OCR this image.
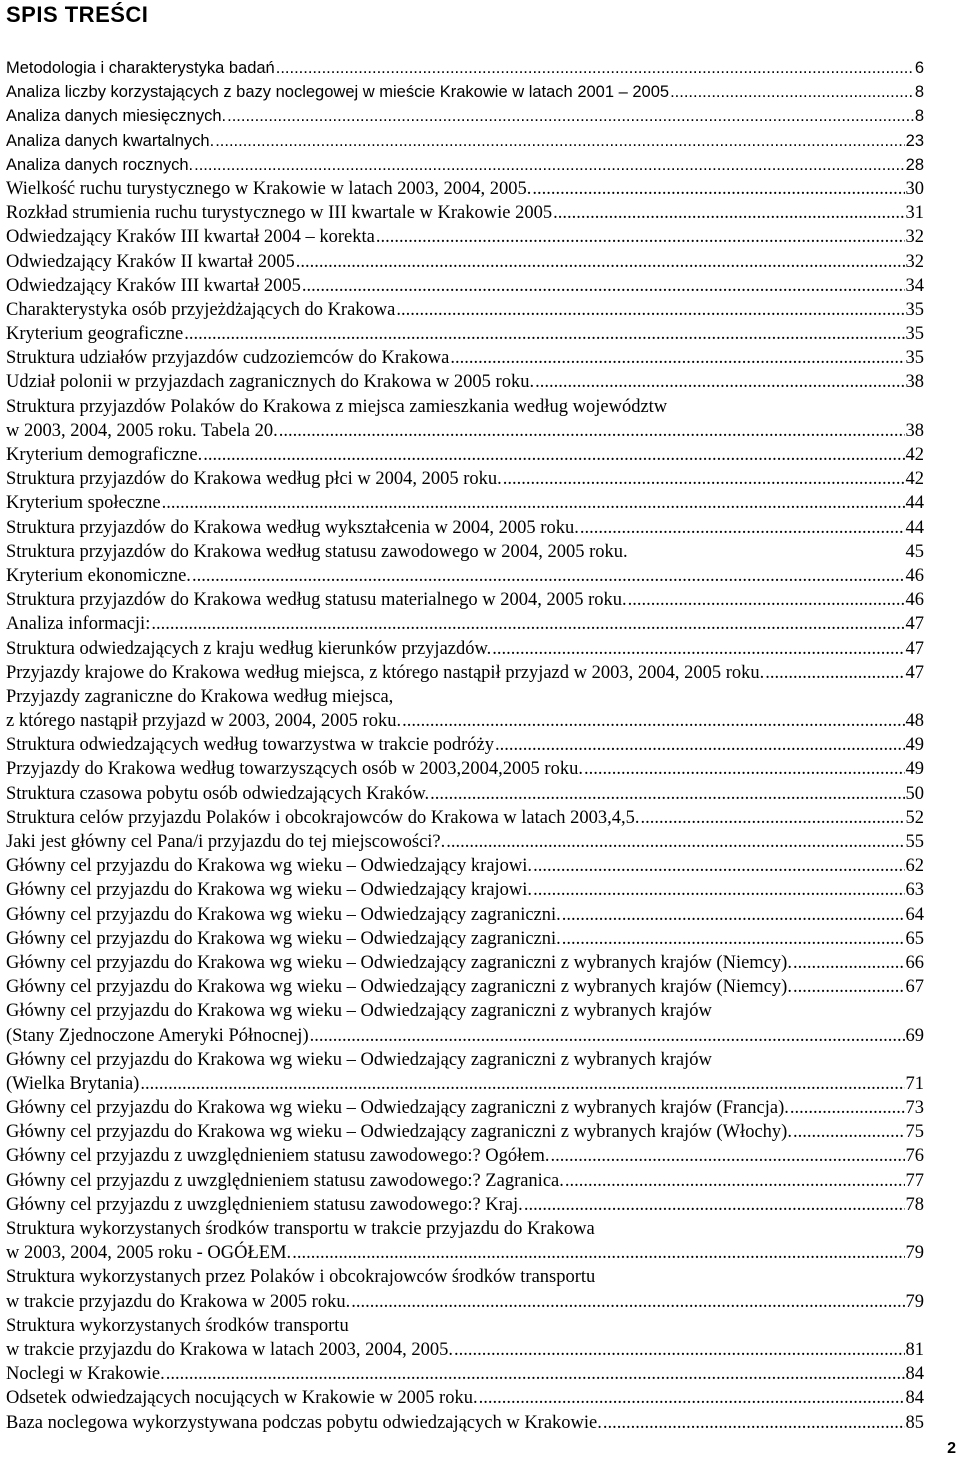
SPIS TREŚCI
Metodologia i charakterystyka badań .....	6
Analiza liczby korzystających z bazy noclegowej w mieście Krakowie w latach 2001 – 2005 .....	8
Analiza danych miesięcznych. .....	8
Analiza danych kwartalnych. .....	23
Analiza danych rocznych. .....	28
Wielkość ruchu turystycznego w Krakowie w latach 2003, 2004, 2005. .....	30
Rozkład strumienia ruchu turystycznego w III kwartale w Krakowie 2005 .....	31
Odwiedzający Kraków III kwartał 2004 – korekta .....	32
Odwiedzający Kraków II kwartał 2005 .....	32
Odwiedzający Kraków III kwartał 2005 .....	34
Charakterystyka osób przyjeżdżających do Krakowa .....	35
Kryterium geograficzne .....	35
Struktura udziałów przyjazdów cudzoziemców do Krakowa .....	35
Udział polonii w przyjazdach zagranicznych do Krakowa w 2005 roku. .....	38
Struktura przyjazdów Polaków do Krakowa z miejsca zamieszkania według województw
w 2003, 2004, 2005 roku. Tabela 20. .....	38
Kryterium demograficzne. .....	42
Struktura przyjazdów do Krakowa według płci w 2004, 2005 roku. .....	42
Kryterium społeczne .....	44
Struktura przyjazdów do Krakowa według wykształcenia w 2004, 2005 roku. .....	44
Struktura przyjazdów do Krakowa według statusu zawodowego w 2004, 2005 roku.	45
Kryterium ekonomiczne. .....	46
Struktura przyjazdów do Krakowa według statusu materialnego w 2004, 2005 roku. .....	46
Analiza informacji: .....	47
Struktura odwiedzających z kraju według kierunków przyjazdów. .....	47
Przyjazdy krajowe do Krakowa według miejsca, z którego nastąpił przyjazd w 2003, 2004, 2005 roku. .....	47
Przyjazdy zagraniczne do Krakowa według miejsca,
z którego nastąpił przyjazd w 2003, 2004, 2005 roku. .....	48
Struktura odwiedzających według towarzystwa w trakcie podróży .....	49
Przyjazdy do Krakowa według towarzyszących osób w 2003,2004,2005 roku. .....	49
Struktura czasowa pobytu osób odwiedzających Kraków. .....	50
Struktura celów przyjazdu Polaków i obcokrajowców do Krakowa w latach 2003,4,5. .....	52
Jaki jest główny cel Pana/i przyjazdu do tej miejscowości?. .....	55
Główny cel przyjazdu do Krakowa wg wieku – Odwiedzający krajowi. .....	62
Główny cel przyjazdu do Krakowa wg wieku – Odwiedzający krajowi. .....	63
Główny cel przyjazdu do Krakowa wg wieku – Odwiedzający zagraniczni. .....	64
Główny cel przyjazdu do Krakowa wg wieku – Odwiedzający zagraniczni. .....	65
Główny cel przyjazdu do Krakowa wg wieku – Odwiedzający zagraniczni z wybranych krajów (Niemcy). .....	66
Główny cel przyjazdu do Krakowa wg wieku – Odwiedzający zagraniczni z wybranych krajów (Niemcy). .....	67
Główny cel przyjazdu do Krakowa wg wieku – Odwiedzający zagraniczni z wybranych krajów
(Stany Zjednoczone Ameryki Północnej) .....	69
Główny cel przyjazdu do Krakowa wg wieku – Odwiedzający zagraniczni z wybranych krajów
(Wielka Brytania) .....	71
Główny cel przyjazdu do Krakowa wg wieku – Odwiedzający zagraniczni z wybranych krajów (Francja). .....	73
Główny cel przyjazdu do Krakowa wg wieku – Odwiedzający zagraniczni z wybranych krajów (Włochy). .....	75
Główny cel przyjazdu z uwzględnieniem statusu zawodowego:? Ogółem. .....	76
Główny cel przyjazdu z uwzględnieniem statusu zawodowego:? Zagranica. .....	77
Główny cel przyjazdu z uwzględnieniem statusu zawodowego:? Kraj. .....	78
Struktura wykorzystanych środków transportu w trakcie przyjazdu do Krakowa
w 2003, 2004, 2005 roku - OGÓŁEM. .....	79
Struktura wykorzystanych przez Polaków i obcokrajowców środków transportu
w trakcie przyjazdu do Krakowa w 2005 roku. .....	79
Struktura wykorzystanych środków transportu
w trakcie przyjazdu do Krakowa w latach 2003, 2004, 2005. .....	81
Noclegi w Krakowie. .....	84
Odsetek odwiedzających nocujących w Krakowie w 2005 roku. .....	84
Baza noclegowa wykorzystywana podczas pobytu odwiedzających w Krakowie. .....	85
2
